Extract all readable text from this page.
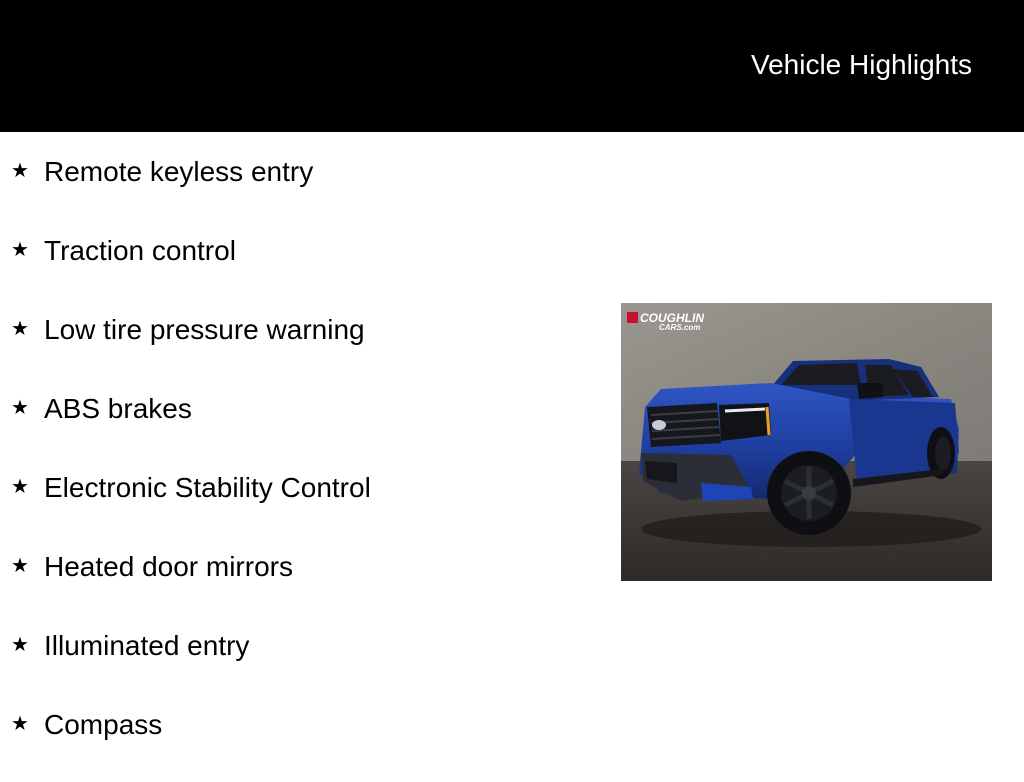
Vehicle Highlights
★ Remote keyless entry
★ Traction control
★ Low tire pressure warning
★ ABS brakes
★ Electronic Stability Control
★ Heated door mirrors
★ Illuminated entry
★ Compass
COUGHLIN
CARS.com
